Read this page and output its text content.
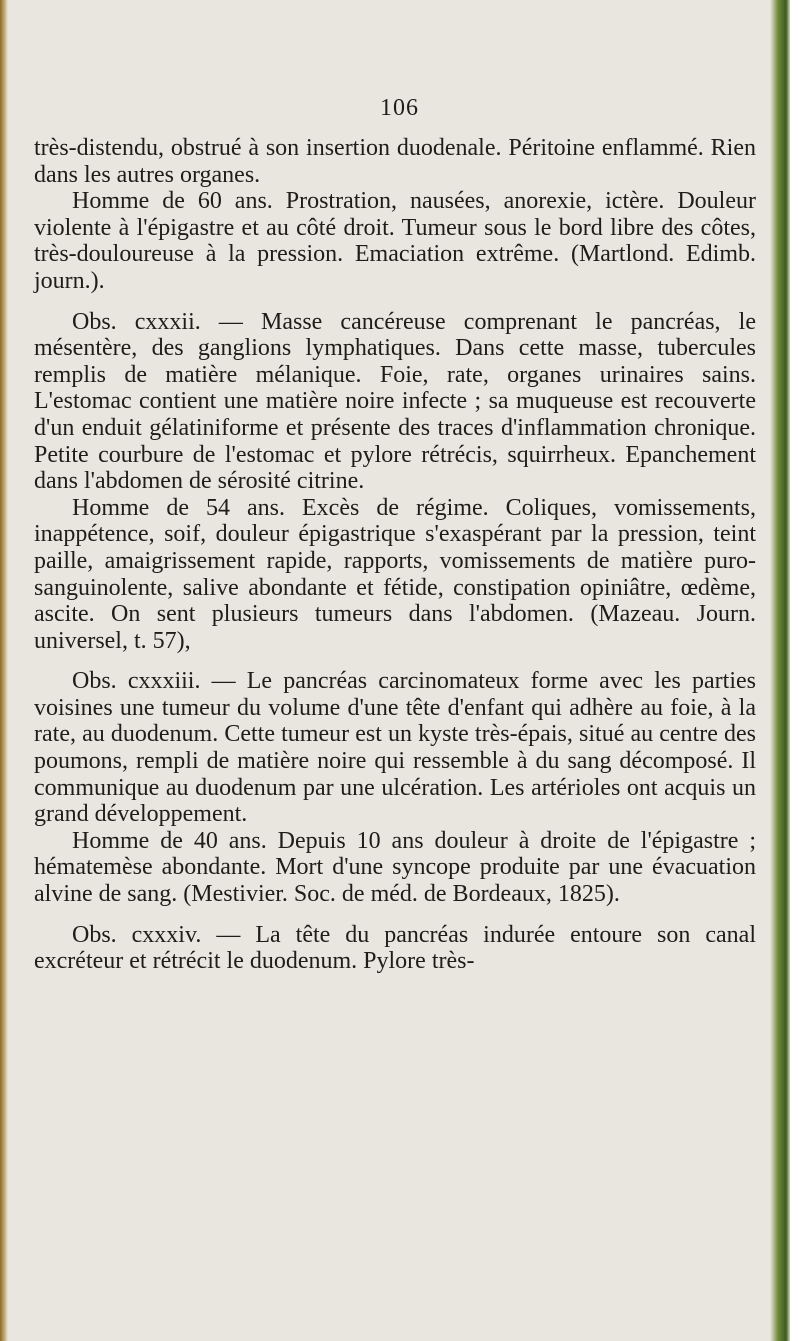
106

très-distendu, obstrué à son insertion duodenale. Péritoine enflammé. Rien dans les autres organes.

Homme de 60 ans. Prostration, nausées, anorexie, ictère. Douleur violente à l'épigastre et au côté droit. Tumeur sous le bord libre des côtes, très-douloureuse à la pression. Emaciation extrême. (Martlond. Edimb. journ.).

Obs. cxxxii. — Masse cancéreuse comprenant le pancréas, le mésentère, des ganglions lymphatiques. Dans cette masse, tubercules remplis de matière mélanique. Foie, rate, organes urinaires sains. L'estomac contient une matière noire infecte ; sa muqueuse est recouverte d'un enduit gélatiniforme et présente des traces d'inflammation chronique. Petite courbure de l'estomac et pylore rétrécis, squirrheux. Epanchement dans l'abdomen de sérosité citrine.

Homme de 54 ans. Excès de régime. Coliques, vomissements, inappétence, soif, douleur épigastrique s'exaspérant par la pression, teint paille, amaigrissement rapide, rapports, vomissements de matière puro-sanguinolente, salive abondante et fétide, constipation opiniâtre, œdème, ascite. On sent plusieurs tumeurs dans l'abdomen. (Mazeau. Journ. universel, t. 57),

Obs. cxxxiii. — Le pancréas carcinomateux forme avec les parties voisines une tumeur du volume d'une tête d'enfant qui adhère au foie, à la rate, au duodenum. Cette tumeur est un kyste très-épais, situé au centre des poumons, rempli de matière noire qui ressemble à du sang décomposé. Il communique au duodenum par une ulcération. Les artérioles ont acquis un grand développement.

Homme de 40 ans. Depuis 10 ans douleur à droite de l'épigastre ; hématemèse abondante. Mort d'une syncope produite par une évacuation alvine de sang. (Mestivier. Soc. de méd. de Bordeaux, 1825).

Obs. cxxxiv. — La tête du pancréas indurée entoure son canal excréteur et rétrécit le duodenum. Pylore très-
